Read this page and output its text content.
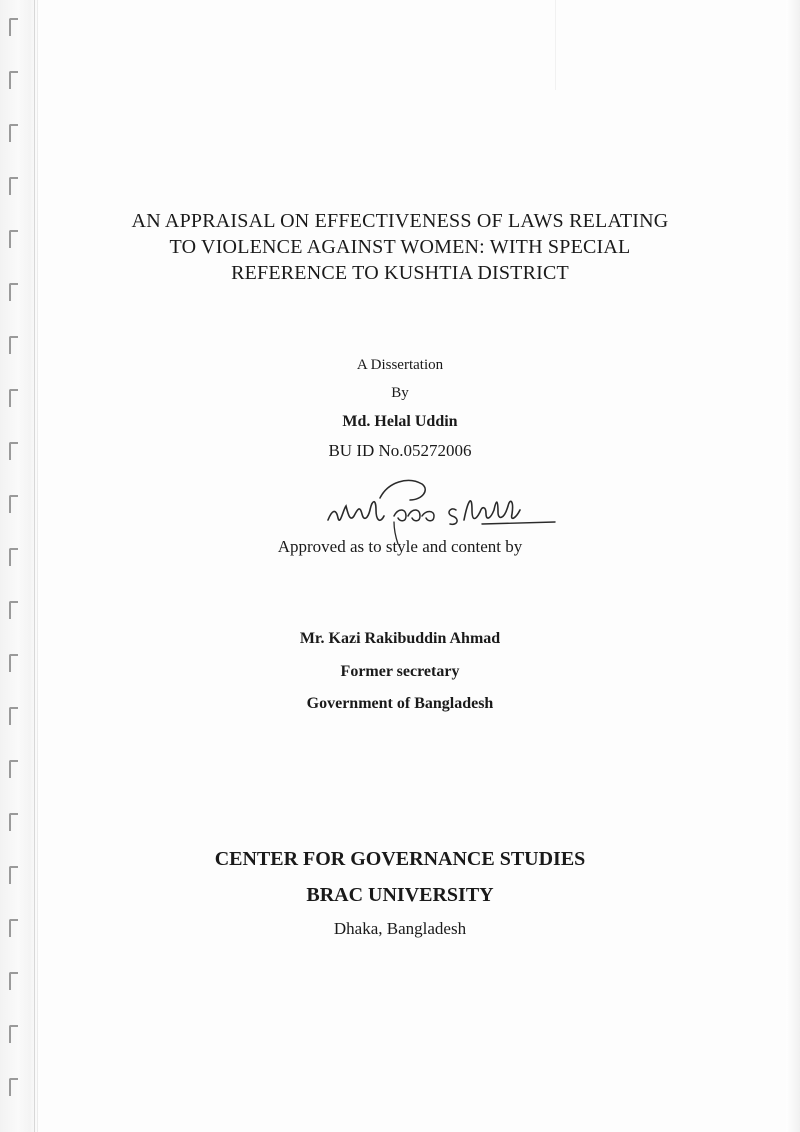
AN APPRAISAL ON EFFECTIVENESS OF LAWS RELATING
TO VIOLENCE AGAINST WOMEN: WITH SPECIAL
REFERENCE TO KUSHTIA DISTRICT
A Dissertation
By
Md. Helal Uddin
BU ID No.05272006
Approved as to style and content by
Mr. Kazi Rakibuddin Ahmad
Former secretary
Government of Bangladesh
CENTER FOR GOVERNANCE STUDIES
BRAC UNIVERSITY
Dhaka, Bangladesh
